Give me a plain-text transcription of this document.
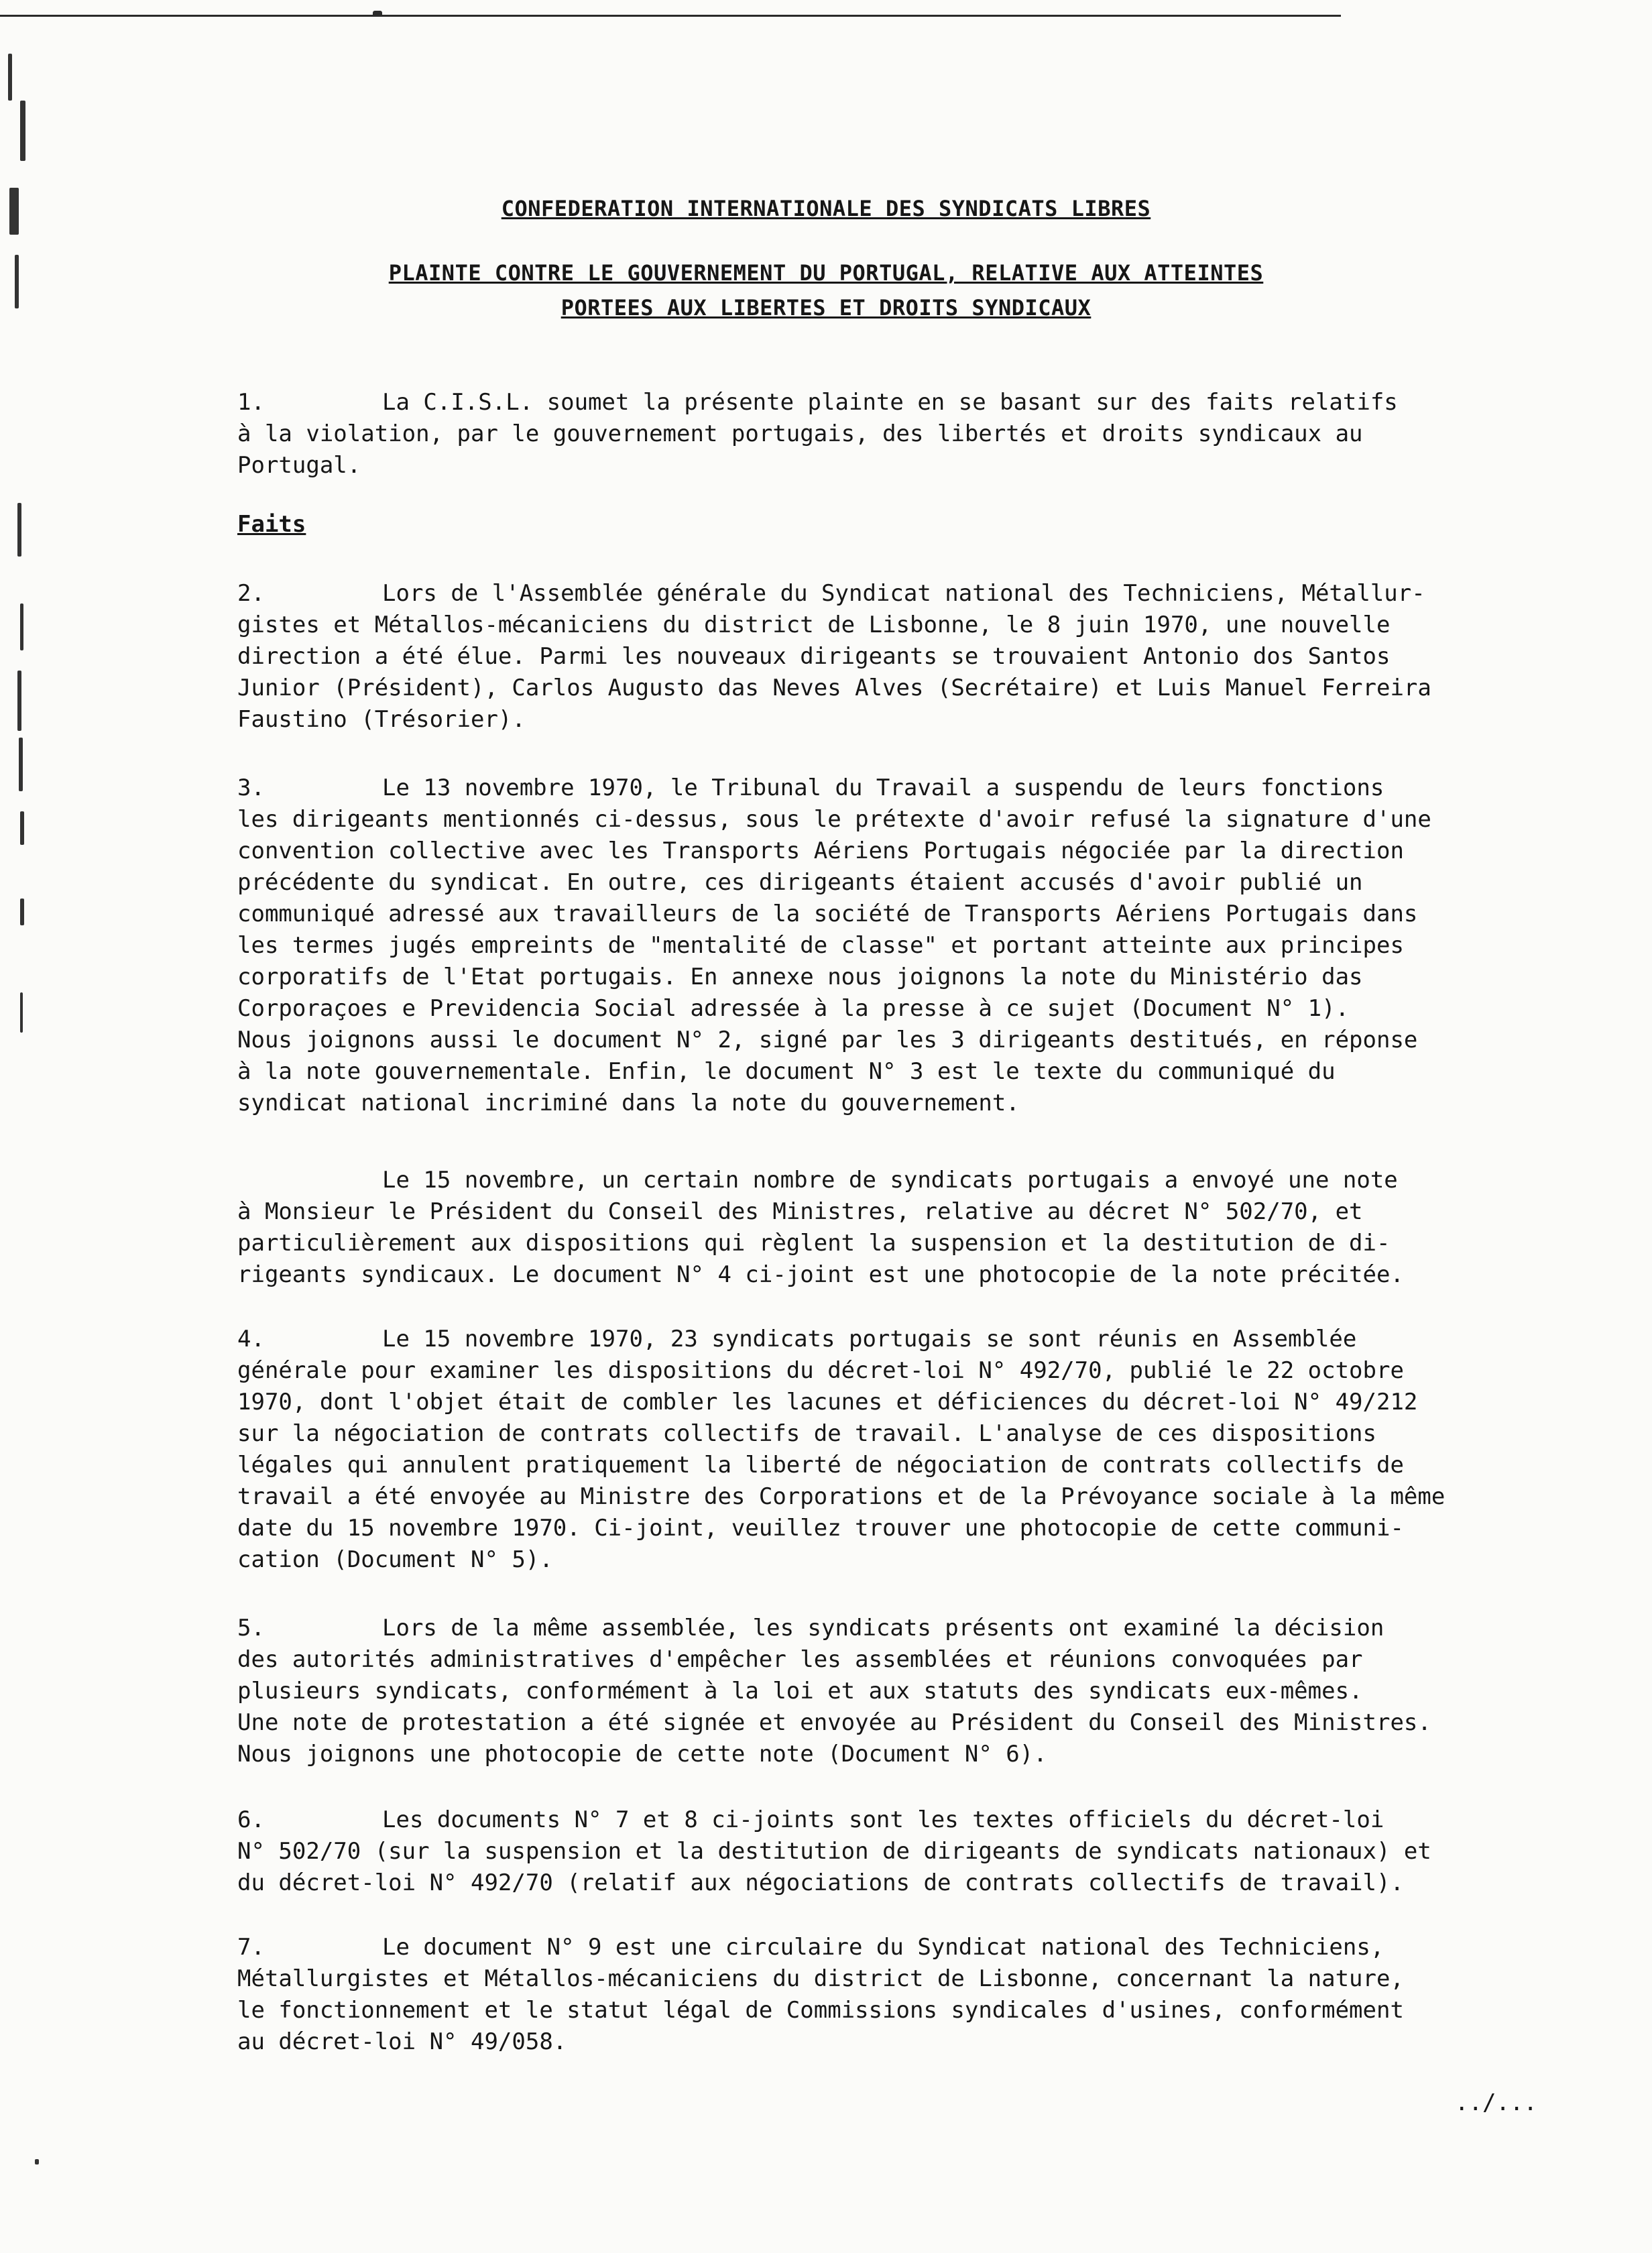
CONFEDERATION INTERNATIONALE DES SYNDICATS LIBRES
PLAINTE CONTRE LE GOUVERNEMENT DU PORTUGAL, RELATIVE AUX ATTEINTES
PORTEES AUX LIBERTES ET DROITS SYNDICAUX
1.	La C.I.S.L. soumet la présente plainte en se basant sur des faits relatifs
à la violation, par le gouvernement portugais, des libertés et droits syndicaux au
Portugal.
Faits
2.	Lors de l'Assemblée générale du Syndicat national des Techniciens, Métallur-
gistes et Métallos-mécaniciens du district de Lisbonne, le 8 juin 1970, une nouvelle
direction a été élue. Parmi les nouveaux dirigeants se trouvaient Antonio dos Santos
Junior (Président), Carlos Augusto das Neves Alves (Secrétaire) et Luis Manuel Ferreira
Faustino (Trésorier).
3.	Le 13 novembre 1970, le Tribunal du Travail a suspendu de leurs fonctions
les dirigeants mentionnés ci-dessus, sous le prétexte d'avoir refusé la signature d'une
convention collective avec les Transports Aériens Portugais négociée par la direction
précédente du syndicat. En outre, ces dirigeants étaient accusés d'avoir publié un
communiqué adressé aux travailleurs de la société de Transports Aériens Portugais dans
les termes jugés empreints de "mentalité de classe" et portant atteinte aux principes
corporatifs de l'Etat portugais. En annexe nous joignons la note du Ministério das
Corporaçoes e Previdencia Social adressée à la presse à ce sujet (Document N° 1).
Nous joignons aussi le document N° 2, signé par les 3 dirigeants destitués, en réponse
à la note gouvernementale. Enfin, le document N° 3 est le texte du communiqué du
syndicat national incriminé dans la note du gouvernement.
Le 15 novembre, un certain nombre de syndicats portugais a envoyé une note
à Monsieur le Président du Conseil des Ministres, relative au décret N° 502/70, et
particulièrement aux dispositions qui règlent la suspension et la destitution de di-
rigeants syndicaux. Le document N° 4 ci-joint est une photocopie de la note précitée.
4.	Le 15 novembre 1970, 23 syndicats portugais se sont réunis en Assemblée
générale pour examiner les dispositions du décret-loi N° 492/70, publié le 22 octobre
1970, dont l'objet était de combler les lacunes et déficiences du décret-loi N° 49/212
sur la négociation de contrats collectifs de travail. L'analyse de ces dispositions
légales qui annulent pratiquement la liberté de négociation de contrats collectifs de
travail a été envoyée au Ministre des Corporations et de la Prévoyance sociale à la même
date du 15 novembre 1970. Ci-joint, veuillez trouver une photocopie de cette communi-
cation (Document N° 5).
5.	Lors de la même assemblée, les syndicats présents ont examiné la décision
des autorités administratives d'empêcher les assemblées et réunions convoquées par
plusieurs syndicats, conformément à la loi et aux statuts des syndicats eux-mêmes.
Une note de protestation a été signée et envoyée au Président du Conseil des Ministres.
Nous joignons une photocopie de cette note (Document N° 6).
6.	Les documents N° 7 et 8 ci-joints sont les textes officiels du décret-loi
N° 502/70 (sur la suspension et la destitution de dirigeants de syndicats nationaux) et
du décret-loi N° 492/70 (relatif aux négociations de contrats collectifs de travail).
7.	Le document N° 9 est une circulaire du Syndicat national des Techniciens,
Métallurgistes et Métallos-mécaniciens du district de Lisbonne, concernant la nature,
le fonctionnement et le statut légal de Commissions syndicales d'usines, conformément
au décret-loi N° 49/058.
../...
